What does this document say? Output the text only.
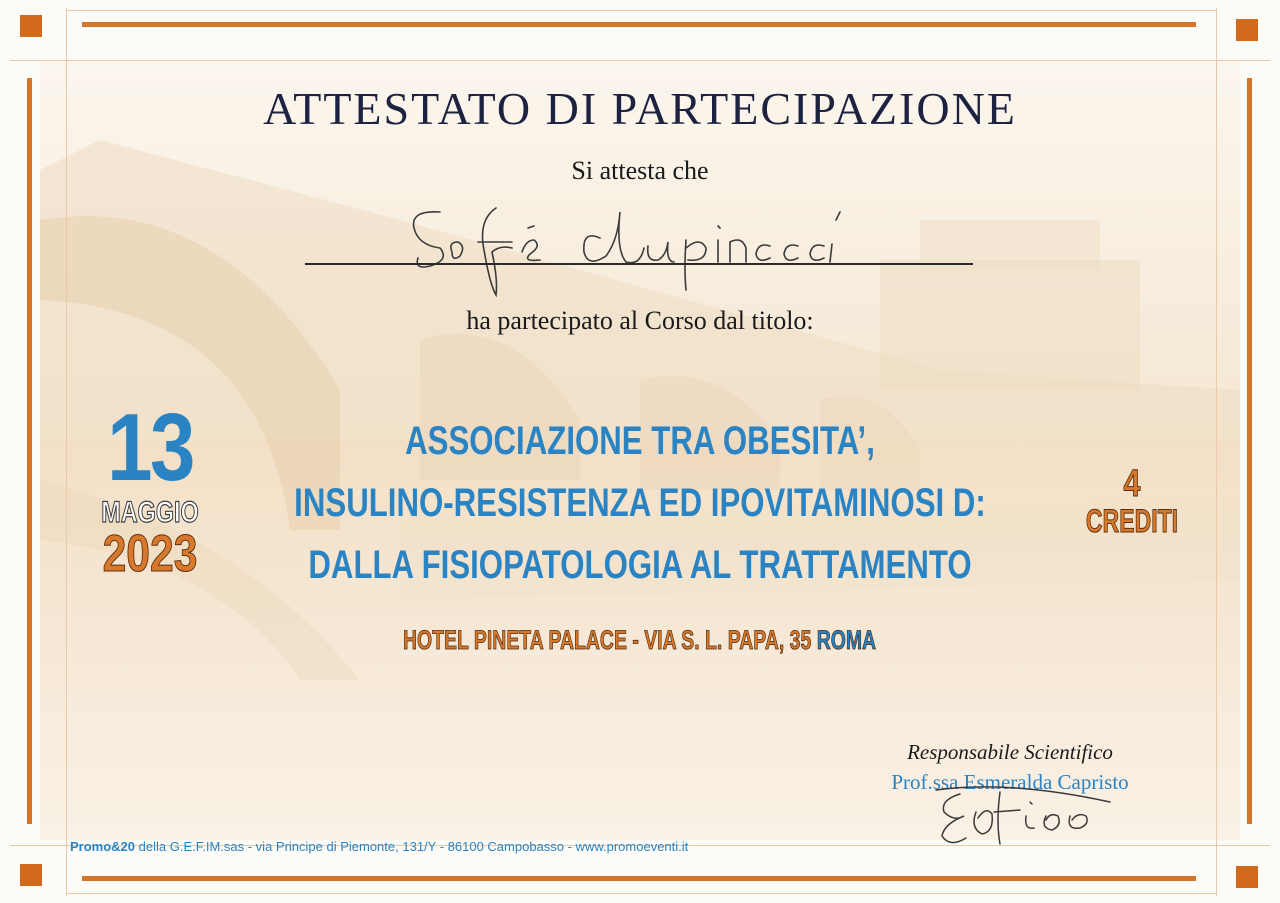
ATTESTATO DI PARTECIPAZIONE
Si attesta che
ha partecipato al Corso dal titolo:
13
MAGGIO
2023
ASSOCIAZIONE TRA OBESITA’,
INSULINO-RESISTENZA ED IPOVITAMINOSI D:
DALLA FISIOPATOLOGIA AL TRATTAMENTO
4
CREDITI
HOTEL PINETA PALACE - VIA S. L. PAPA, 35 ROMA
Responsabile Scientifico
Prof.ssa Esmeralda Capristo
Promo&20 della G.E.F.IM.sas - via Principe di Piemonte, 131/Y - 86100 Campobasso - www.promoeventi.it
